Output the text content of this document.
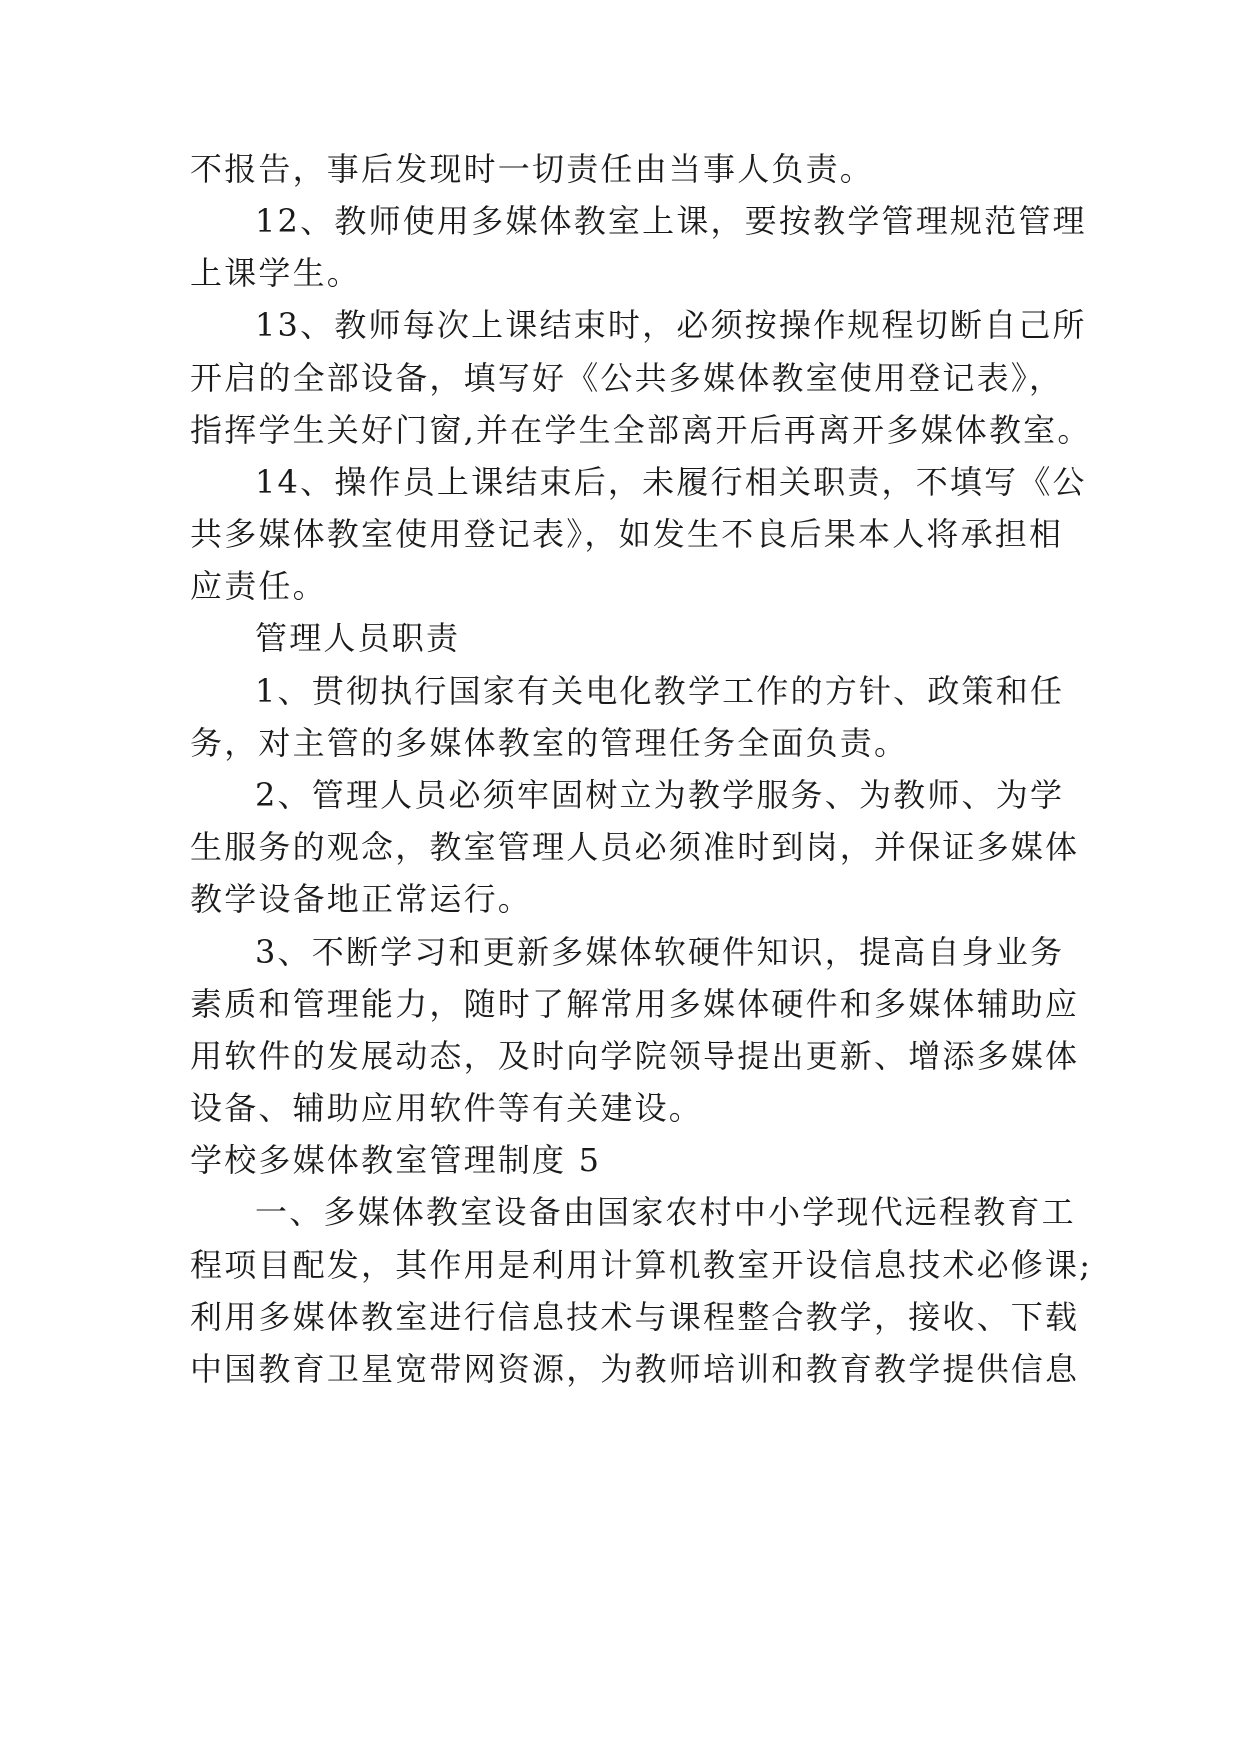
不报告，事后发现时一切责任由当事人负责。
12、教师使用多媒体教室上课，要按教学管理规范管理
上课学生。
13、教师每次上课结束时，必须按操作规程切断自己所
开启的全部设备，填写好《公共多媒体教室使用登记表》，
指挥学生关好门窗,并在学生全部离开后再离开多媒体教室。
14、操作员上课结束后，未履行相关职责，不填写《公
共多媒体教室使用登记表》，如发生不良后果本人将承担相
应责任。
管理人员职责
1、贯彻执行国家有关电化教学工作的方针、政策和任
务，对主管的多媒体教室的管理任务全面负责。
2、管理人员必须牢固树立为教学服务、为教师、为学
生服务的观念，教室管理人员必须准时到岗，并保证多媒体
教学设备地正常运行。
3、不断学习和更新多媒体软硬件知识，提高自身业务
素质和管理能力，随时了解常用多媒体硬件和多媒体辅助应
用软件的发展动态，及时向学院领导提出更新、增添多媒体
设备、辅助应用软件等有关建设。
学校多媒体教室管理制度 5
一、多媒体教室设备由国家农村中小学现代远程教育工
程项目配发，其作用是利用计算机教室开设信息技术必修课;
利用多媒体教室进行信息技术与课程整合教学，接收、下载
中国教育卫星宽带网资源，为教师培训和教育教学提供信息
